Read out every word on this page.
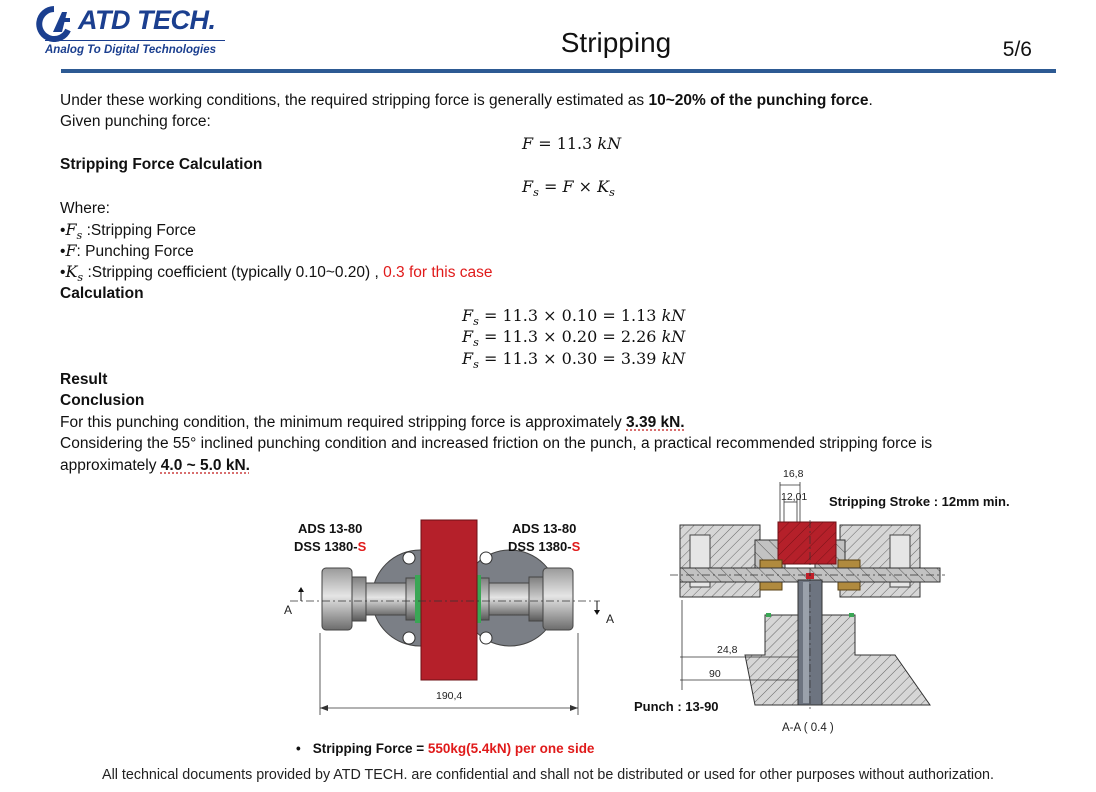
ATD TECH.
Analog To Digital Technologies	Stripping	5/6
Under these working conditions, the required stripping force is generally estimated as 10~20% of the punching force.
Given punching force:
F = 11.3 kN
Stripping Force Calculation
$F_s = F \times K_s$
Where:
$•F_s$ :Stripping Force
•F: Punching Force
$•K_s$ :Stripping coefficient (typically 0.10~0.20) , 0.3 for this case
Calculation
$F_s = 11.3 \times 0.10 = 1.13$ kN
$F_s = 11.3 \times 0.20 = 2.26$ kN
$F_s = 11.3 \times 0.30 = 3.39$ kN
Result
Conclusion
For this punching condition, the minimum required stripping force is approximately 3.39 kN.
Considering the 55° inclined punching condition and increased friction on the punch, a practical recommended stripping force is
approximately 4.0 ~ 5.0 kN.
ADS 13-80
DSS 1380-S
ADS 13-80
DSS 1380-S
A
A
190,4
16,8
12,01 Stripping Stroke : 12mm min.
24,8
90
Punch : 13-90
A-A ( 0.4 )
• Stripping Force = 550kg(5.4kN) per one side
All technical documents provided by ATD TECH. are confidential and shall not be distributed or used for other purposes without authorization.
